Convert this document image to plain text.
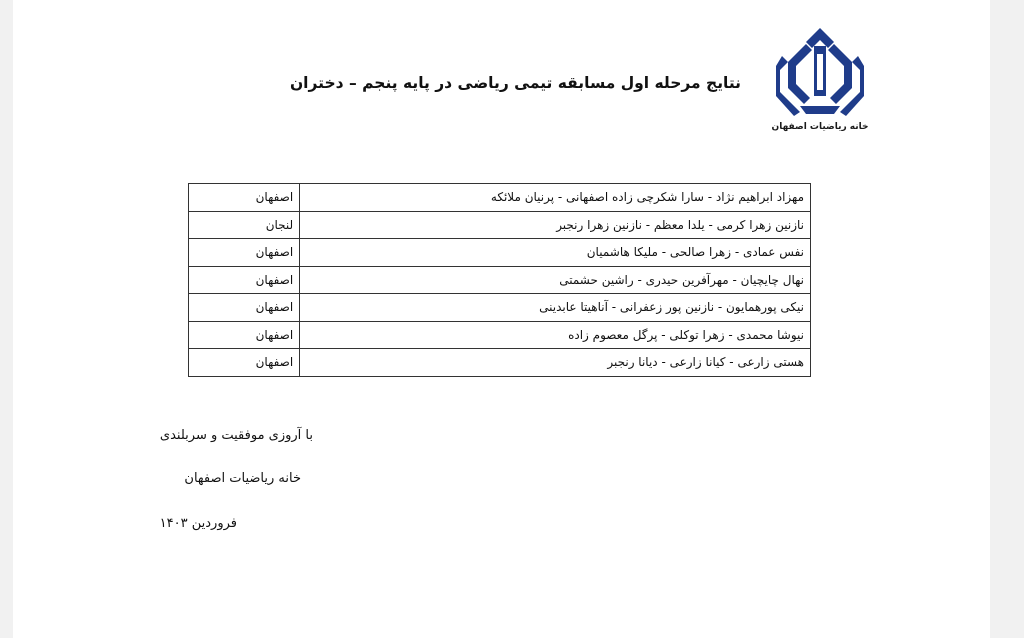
خانه ریاضیات اصفهان
نتایج مرحله اول مسابقه تیمی ریاضی در پایه پنجم – دختران
مهزاد ابراهیم نژاد - سارا شکرچی زاده اصفهانی - پرنیان ملائکه	اصفهان
نازنین زهرا کرمی - یلدا معظم - نازنین زهرا رنجبر	لنجان
نفس عمادی - زهرا صالحی - ملیکا هاشمیان	اصفهان
نهال چایچیان - مهرآفرین حیدری - راشین حشمتی	اصفهان
نیکی پورهمایون - نازنین پور زعفرانی - آناهیتا عابدینی	اصفهان
نیوشا محمدی - زهرا توکلی - پرگل معصوم زاده	اصفهان
هستی زارعی - کیانا زارعی - دیانا رنجبر	اصفهان
با آروزی موفقیت و سربلندی
خانه ریاضیات اصفهان
فروردین ۱۴۰۳
